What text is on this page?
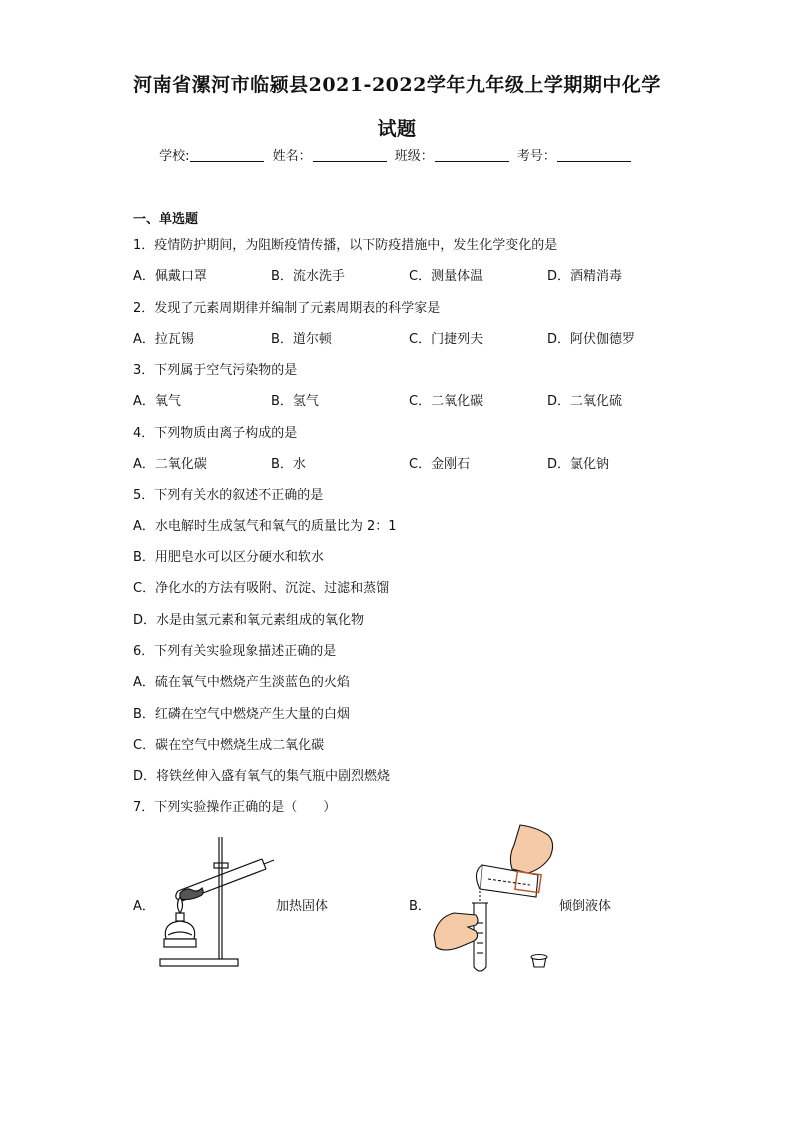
河南省漯河市临颍县2021-2022学年九年级上学期期中化学
试题
学校:	姓名：	班级：	考号：
一、单选题
1．疫情防护期间，为阻断疫情传播，以下防疫措施中，发生化学变化的是
A．佩戴口罩	B．流水洗手	C．测量体温	D．酒精消毒
2．发现了元素周期律并编制了元素周期表的科学家是
A．拉瓦锡	B．道尔顿	C．门捷列夫	D．阿伏伽德罗
3．下列属于空气污染物的是
A．氧气	B．氢气	C．二氧化碳	D．二氧化硫
4．下列物质由离子构成的是
A．二氧化碳	B．水	C．金刚石	D．氯化钠
5．下列有关水的叙述不正确的是
A．水电解时生成氢气和氧气的质量比为 2：1
B．用肥皂水可以区分硬水和软水
C．净化水的方法有吸附、沉淀、过滤和蒸馏
D．水是由氢元素和氧元素组成的氧化物
6．下列有关实验现象描述正确的是
A．硫在氧气中燃烧产生淡蓝色的火焰
B．红磷在空气中燃烧产生大量的白烟
C．碳在空气中燃烧生成二氧化碳
D．将铁丝伸入盛有氧气的集气瓶中剧烈燃烧
7．下列实验操作正确的是（　　）
A．	加热固体	B．	倾倒液体
